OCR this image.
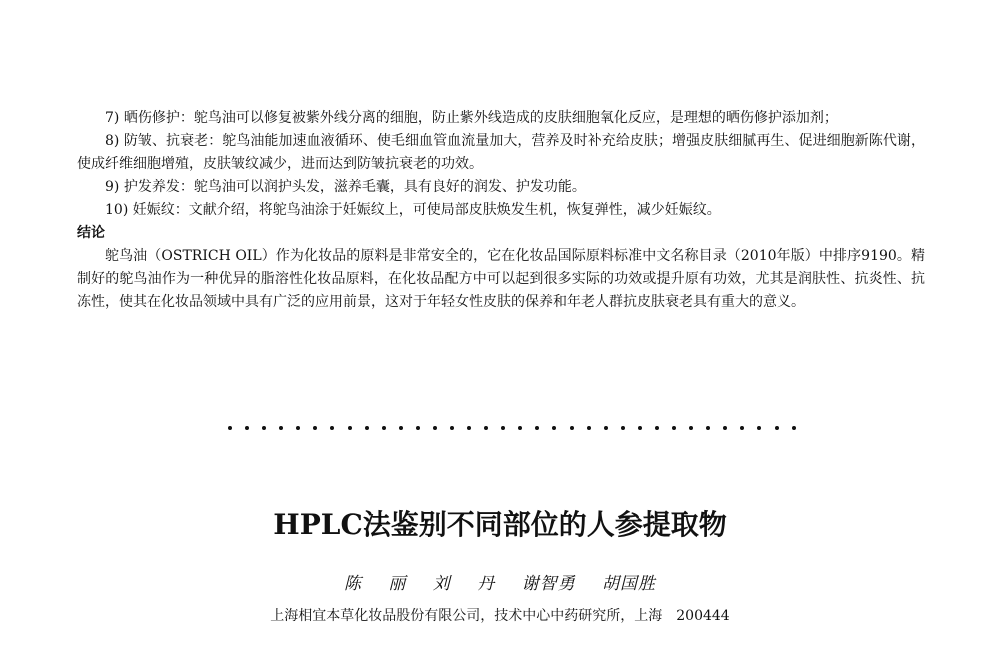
7) 晒伤修护：鸵鸟油可以修复被紫外线分离的细胞，防止紫外线造成的皮肤细胞氧化反应，是理想的晒伤修护添加剂；

8) 防皱、抗衰老：鸵鸟油能加速血液循环、使毛细血管血流量加大，营养及时补充给皮肤；增强皮肤细腻再生、促进细胞新陈代谢，使成纤维细胞增殖，皮肤皱纹减少，进而达到防皱抗衰老的功效。

9) 护发养发：鸵鸟油可以润护头发，滋养毛囊，具有良好的润发、护发功能。

10) 妊娠纹：文献介绍，将鸵鸟油涂于妊娠纹上，可使局部皮肤焕发生机，恢复弹性，减少妊娠纹。

结论

鸵鸟油（OSTRICH OIL）作为化妆品的原料是非常安全的，它在化妆品国际原料标准中文名称目录（2010年版）中排序9190。精制好的鸵鸟油作为一种优异的脂溶性化妆品原料，在化妆品配方中可以起到很多实际的功效或提升原有功效，尤其是润肤性、抗炎性、抗冻性，使其在化妆品领域中具有广泛的应用前景，这对于年轻女性皮肤的保养和年老人群抗皮肤衰老具有重大的意义。

HPLC法鉴别不同部位的人参提取物
陈 丽 刘 丹 谢智勇 胡国胜
上海相宜本草化妆品股份有限公司，技术中心中药研究所，上海　200444
